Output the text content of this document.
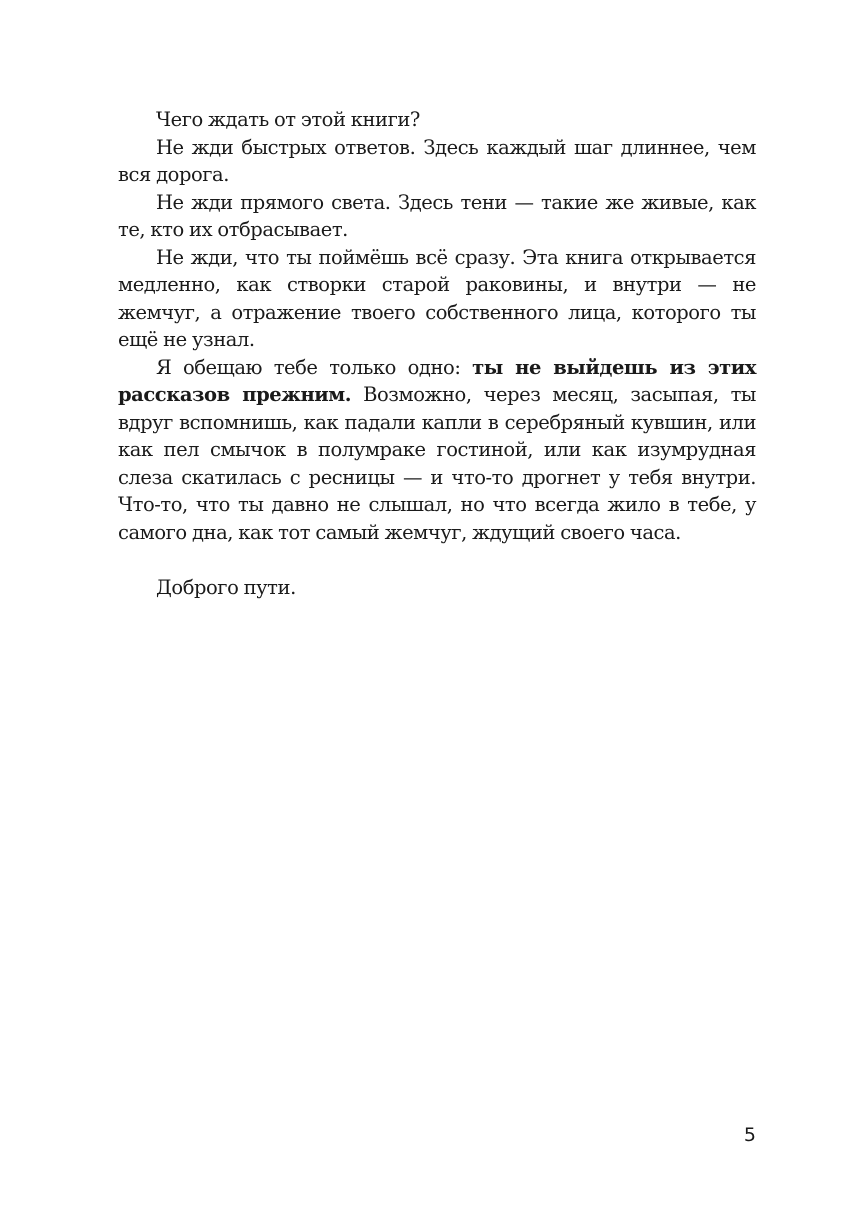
Чего ждать от этой книги?

Не жди быстрых ответов. Здесь каждый шаг длиннее, чем вся дорога.

Не жди прямого света. Здесь тени — такие же живые, как те, кто их отбрасывает.

Не жди, что ты поймёшь всё сразу. Эта книга открывается медленно, как створки старой раковины, и внутри — не жемчуг, а отражение твоего собственного лица, которого ты ещё не узнал.

Я обещаю тебе только одно: ты не выйдешь из этих рассказов прежним. Возможно, через месяц, засыпая, ты вдруг вспомнишь, как падали капли в серебряный кувшин, или как пел смычок в полумраке гостиной, или как изумрудная слеза скатилась с ресницы — и что-то дрогнет у тебя внутри. Что-то, что ты давно не слышал, но что всегда жило в тебе, у самого дна, как тот самый жемчуг, ждущий своего часа.

Доброго пути.

5
